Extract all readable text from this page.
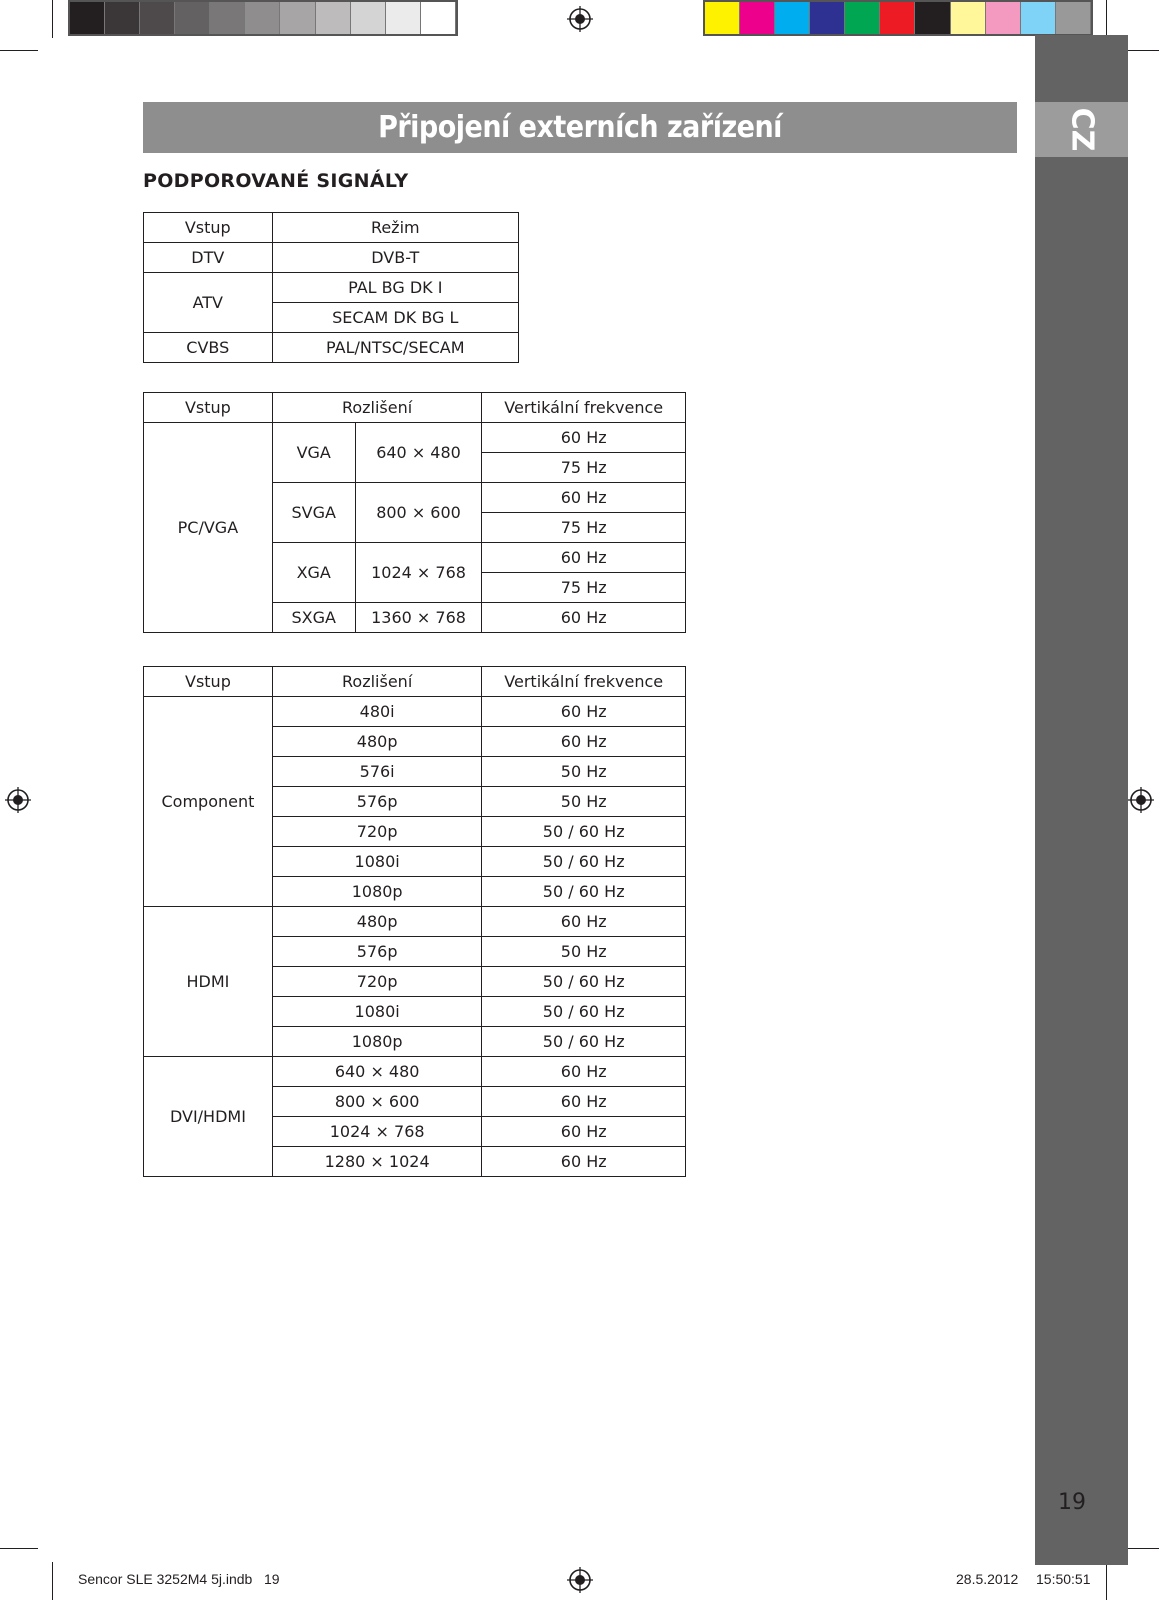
CZ
Připojení externích zařízení
PODPOROVANÉ SIGNÁLY
Vstup	Režim
DTV	DVB-T
ATV	PAL BG DK I
	SECAM DK BG L
CVBS	PAL/NTSC/SECAM
Vstup	Rozlišení		Vertikální frekvence
PC/VGA	VGA	640 × 480	60 Hz
			75 Hz
	SVGA	800 × 600	60 Hz
			75 Hz
	XGA	1024 × 768	60 Hz
			75 Hz
	SXGA	1360 × 768	60 Hz
Vstup	Rozlišení	Vertikální frekvence
Component	480i	60 Hz
	480p	60 Hz
	576i	50 Hz
	576p	50 Hz
	720p	50 / 60 Hz
	1080i	50 / 60 Hz
	1080p	50 / 60 Hz
HDMI	480p	60 Hz
	576p	50 Hz
	720p	50 / 60 Hz
	1080i	50 / 60 Hz
	1080p	50 / 60 Hz
DVI/HDMI	640 × 480	60 Hz
	800 × 600	60 Hz
	1024 × 768	60 Hz
	1280 × 1024	60 Hz
19
Sencor SLE 3252M4 5j.indb   19	28.5.2012 15:50:51
